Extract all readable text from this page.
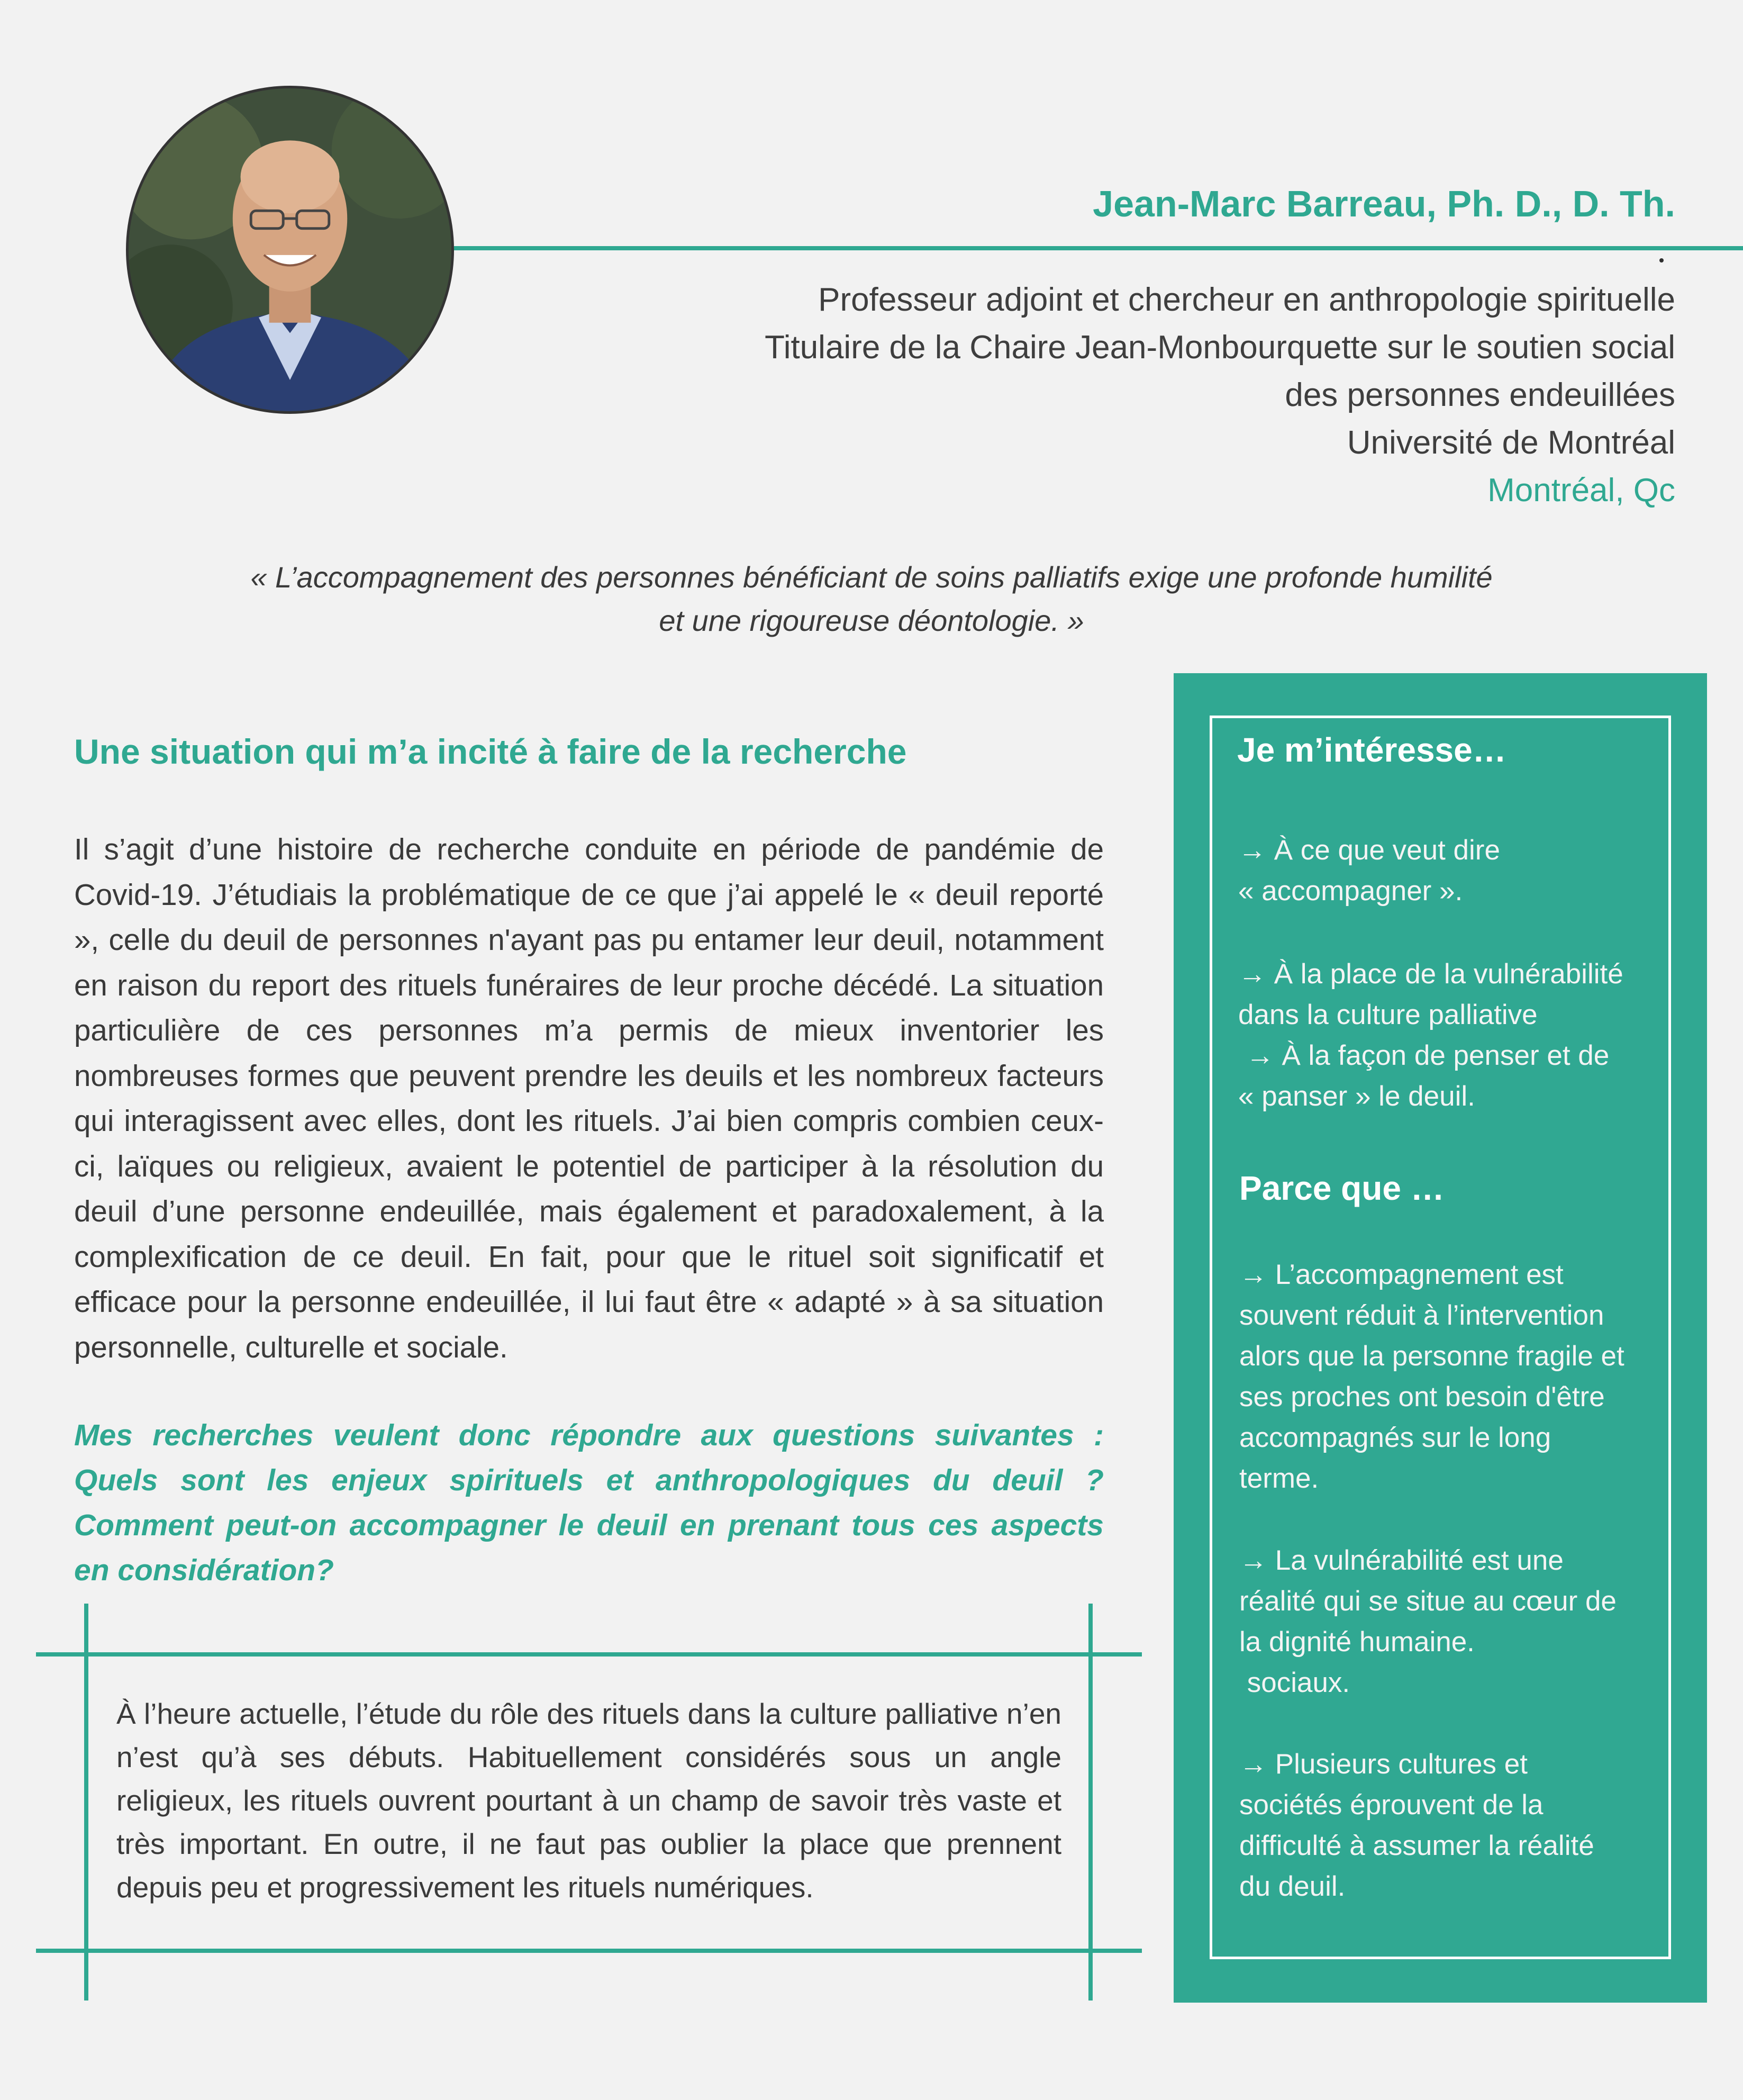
Jean-Marc Barreau, Ph. D., D. Th.
Professeur adjoint et chercheur en anthropologie spirituelle
Titulaire de la Chaire Jean-Monbourquette sur le soutien social
des personnes endeuillées
Université de Montréal
Montréal, Qc
« L’accompagnement des personnes bénéficiant de soins palliatifs exige une profonde humilité
et une rigoureuse déontologie. »
Une situation qui m’a incité à faire de la recherche
Il s’agit d’une histoire de recherche conduite en période de pandémie de Covid-19. J’étudiais la problématique de ce que j’ai appelé le « deuil reporté », celle du deuil de personnes n'ayant pas pu entamer leur deuil, notamment en raison du report des rituels funéraires de leur proche décédé. La situation particulière de ces personnes m’a permis de mieux inventorier les nombreuses formes que peuvent prendre les deuils et les nombreux facteurs qui interagissent avec elles, dont les rituels. J’ai bien compris combien ceux-ci, laïques ou religieux, avaient le potentiel de participer à la résolution du deuil d’une personne endeuillée, mais également et paradoxalement, à la complexification de ce deuil. En fait, pour que le rituel soit significatif et efficace pour la personne endeuillée, il lui faut être « adapté » à sa situation personnelle, culturelle et sociale.
Mes recherches veulent donc répondre aux questions suivantes : Quels sont les enjeux spirituels et anthropologiques du deuil ? Comment peut-on accompagner le deuil en prenant tous ces aspects en considération?
À l’heure actuelle, l’étude du rôle des rituels dans la culture palliative n’en n’est qu’à ses débuts. Habituellement considérés sous un angle religieux, les rituels ouvrent pourtant à un champ de savoir très vaste et très important. En outre, il ne faut pas oublier la place que prennent depuis peu et progressivement les rituels numériques.
Je m’intéresse…
→ À ce que veut dire
« accompagner ».
→ À la place de la vulnérabilité
dans la culture palliative
→ À la façon de penser et de
« panser » le deuil.
Parce que …
→ L’accompagnement est
souvent réduit à l’intervention
alors que la personne fragile et
ses proches ont besoin d'être
accompagnés sur le long
terme.
→ La vulnérabilité est une
réalité qui se situe au cœur de
la dignité humaine.
sociaux.
→ Plusieurs cultures et
sociétés éprouvent de la
difficulté à assumer la réalité
du deuil.
